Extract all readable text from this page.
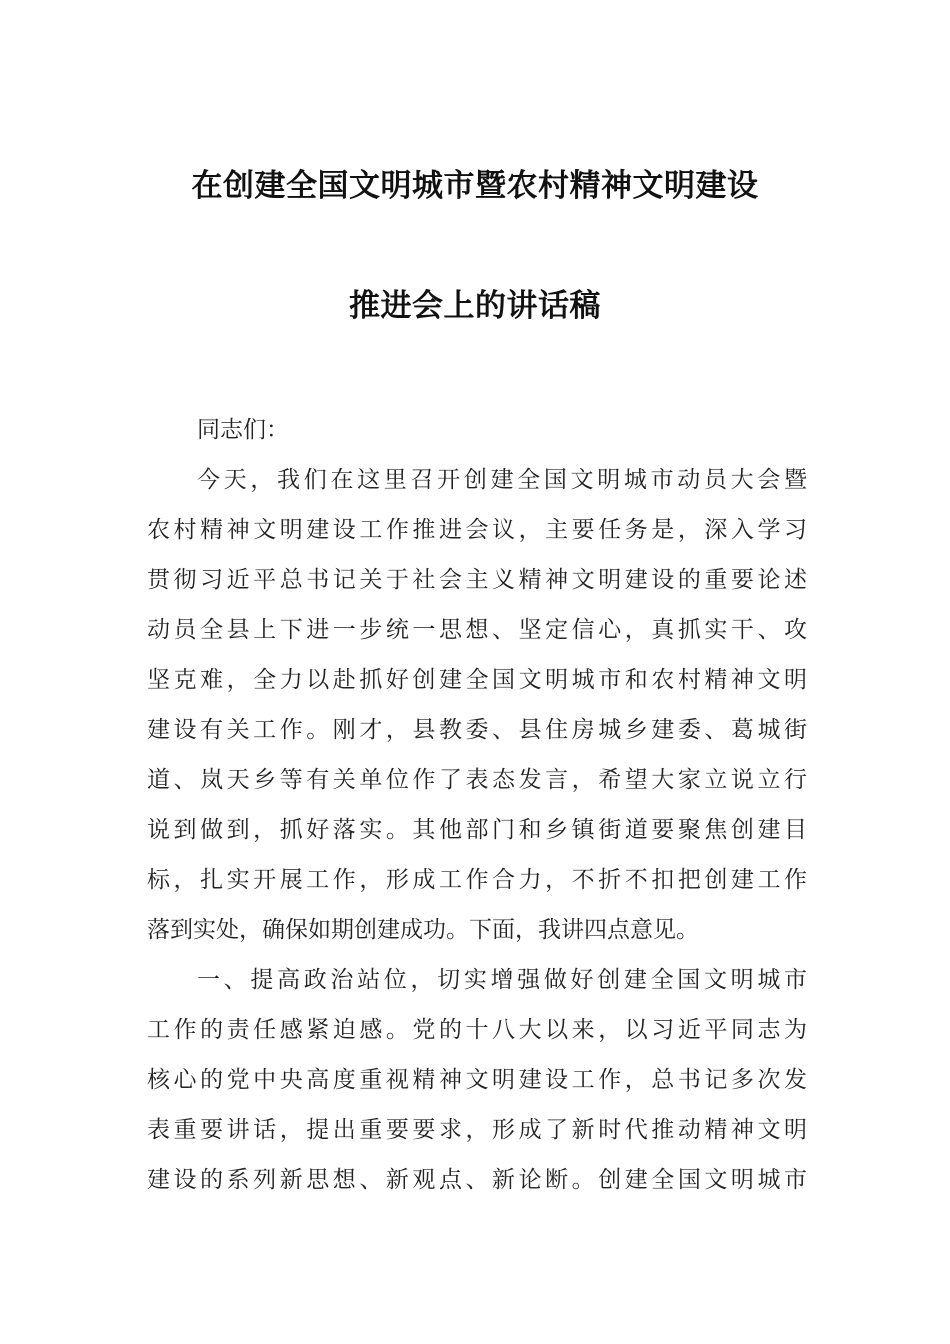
在创建全国文明城市暨农村精神文明建设
推进会上的讲话稿
同志们：
今天，我们在这里召开创建全国文明城市动员大会暨
农村精神文明建设工作推进会议，主要任务是，深入学习
贯彻习近平总书记关于社会主义精神文明建设的重要论述
动员全县上下进一步统一思想、坚定信心，真抓实干、攻
坚克难，全力以赴抓好创建全国文明城市和农村精神文明
建设有关工作。刚才，县教委、县住房城乡建委、葛城街
道、岚天乡等有关单位作了表态发言，希望大家立说立行
说到做到，抓好落实。其他部门和乡镇街道要聚焦创建目
标，扎实开展工作，形成工作合力，不折不扣把创建工作
落到实处，确保如期创建成功。下面，我讲四点意见。
一、提高政治站位，切实增强做好创建全国文明城市
工作的责任感紧迫感。党的十八大以来，以习近平同志为
核心的党中央高度重视精神文明建设工作，总书记多次发
表重要讲话，提出重要要求，形成了新时代推动精神文明
建设的系列新思想、新观点、新论断。创建全国文明城市
